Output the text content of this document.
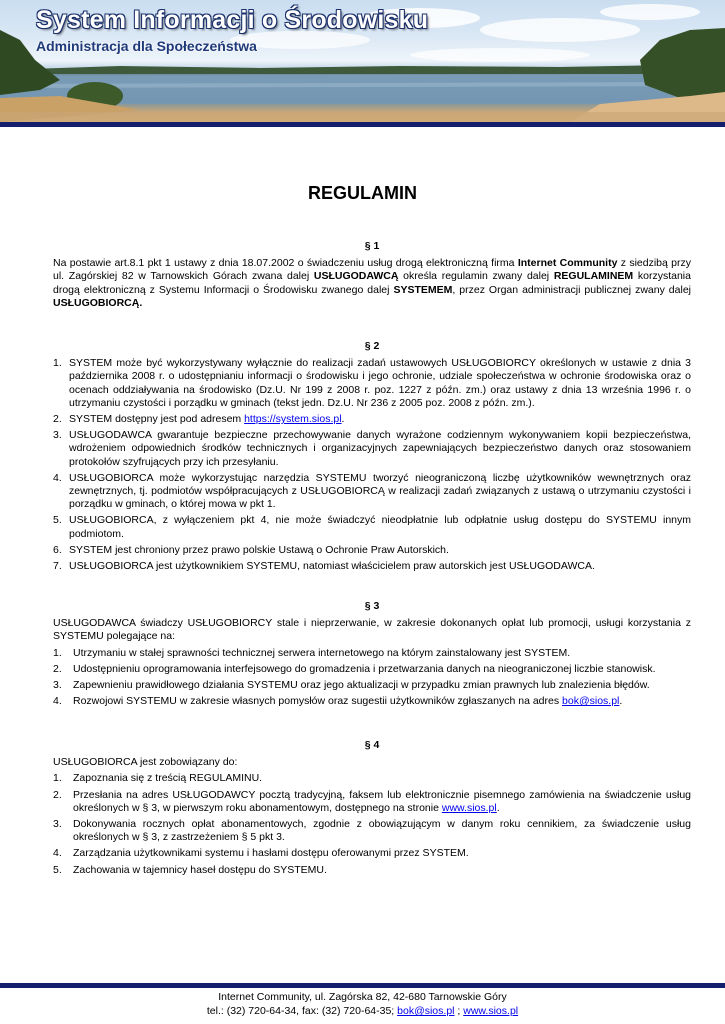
System Informacji o Środowisku

Administracja dla Społeczeństwa

REGULAMIN

§ 1

Na postawie art.8.1 pkt 1 ustawy z dnia 18.07.2002 o świadczeniu usług drogą elektroniczną firma Internet Community z siedzibą przy ul. Zagórskiej 82 w Tarnowskich Górach zwana dalej USŁUGODAWCĄ określa regulamin zwany dalej REGULAMINEM korzystania drogą elektroniczną z Systemu Informacji o Środowisku zwanego dalej SYSTEMEM, przez Organ administracji publicznej zwany dalej USŁUGOBIORCĄ.

§ 2

1. SYSTEM może być wykorzystywany wyłącznie do realizacji zadań ustawowych USŁUGOBIORCY określonych w ustawie z dnia 3 października 2008 r. o udostępnianiu informacji o środowisku i jego ochronie, udziale społeczeństwa w ochronie środowiska oraz o ocenach oddziaływania na środowisko (Dz.U. Nr 199 z 2008 r. poz. 1227 z późn. zm.) oraz ustawy z dnia 13 września 1996 r. o utrzymaniu czystości i porządku w gminach (tekst jedn. Dz.U. Nr 236 z 2005 poz. 2008 z późn. zm.).
2. SYSTEM dostępny jest pod adresem https://system.sios.pl.
3. USŁUGODAWCA gwarantuje bezpieczne przechowywanie danych wyrażone codziennym wykonywaniem kopii bezpieczeństwa, wdrożeniem odpowiednich środków technicznych i organizacyjnych zapewniających bezpieczeństwo danych oraz stosowaniem protokołów szyfrujących przy ich przesyłaniu.
4. USŁUGOBIORCA może wykorzystując narzędzia SYSTEMU tworzyć nieograniczoną liczbę użytkowników wewnętrznych oraz zewnętrznych, tj. podmiotów współpracujących z USŁUGOBIORCĄ w realizacji zadań związanych z ustawą o utrzymaniu czystości i porządku w gminach, o której mowa w pkt 1.
5. USŁUGOBIORCA, z wyłączeniem pkt 4, nie może świadczyć nieodpłatnie lub odpłatnie usług dostępu do SYSTEMU innym podmiotom.
6. SYSTEM jest chroniony przez prawo polskie Ustawą o Ochronie Praw Autorskich.
7. USŁUGOBIORCA jest użytkownikiem SYSTEMU, natomiast właścicielem praw autorskich jest USŁUGODAWCA.

§ 3

USŁUGODAWCA świadczy USŁUGOBIORCY stale i nieprzerwanie, w zakresie dokonanych opłat lub promocji, usługi korzystania z SYSTEMU polegające na:

1. Utrzymaniu w stałej sprawności technicznej serwera internetowego na którym zainstalowany jest SYSTEM.
2. Udostępnieniu oprogramowania interfejsowego do gromadzenia i przetwarzania danych na nieograniczonej liczbie stanowisk.
3. Zapewnieniu prawidłowego działania SYSTEMU oraz jego aktualizacji w przypadku zmian prawnych lub znalezienia błędów.
4. Rozwojowi SYSTEMU w zakresie własnych pomysłów oraz sugestii użytkowników zgłaszanych na adres bok@sios.pl.

§ 4

USŁUGOBIORCA jest zobowiązany do:

1. Zapoznania się z treścią REGULAMINU.
2. Przesłania na adres USŁUGODAWCY pocztą tradycyjną, faksem lub elektronicznie pisemnego zamówienia na świadczenie usług określonych w § 3, w pierwszym roku abonamentowym, dostępnego na stronie www.sios.pl.
3. Dokonywania rocznych opłat abonamentowych, zgodnie z obowiązującym w danym roku cennikiem, za świadczenie usług określonych w § 3, z zastrzeżeniem § 5 pkt 3.
4. Zarządzania użytkownikami systemu i hasłami dostępu oferowanymi przez SYSTEM.
5. Zachowania w tajemnicy haseł dostępu do SYSTEMU.
Internet Community, ul. Zagórska 82, 42-680 Tarnowskie Góry
tel.: (32) 720-64-34, fax: (32) 720-64-35; bok@sios.pl ; www.sios.pl
